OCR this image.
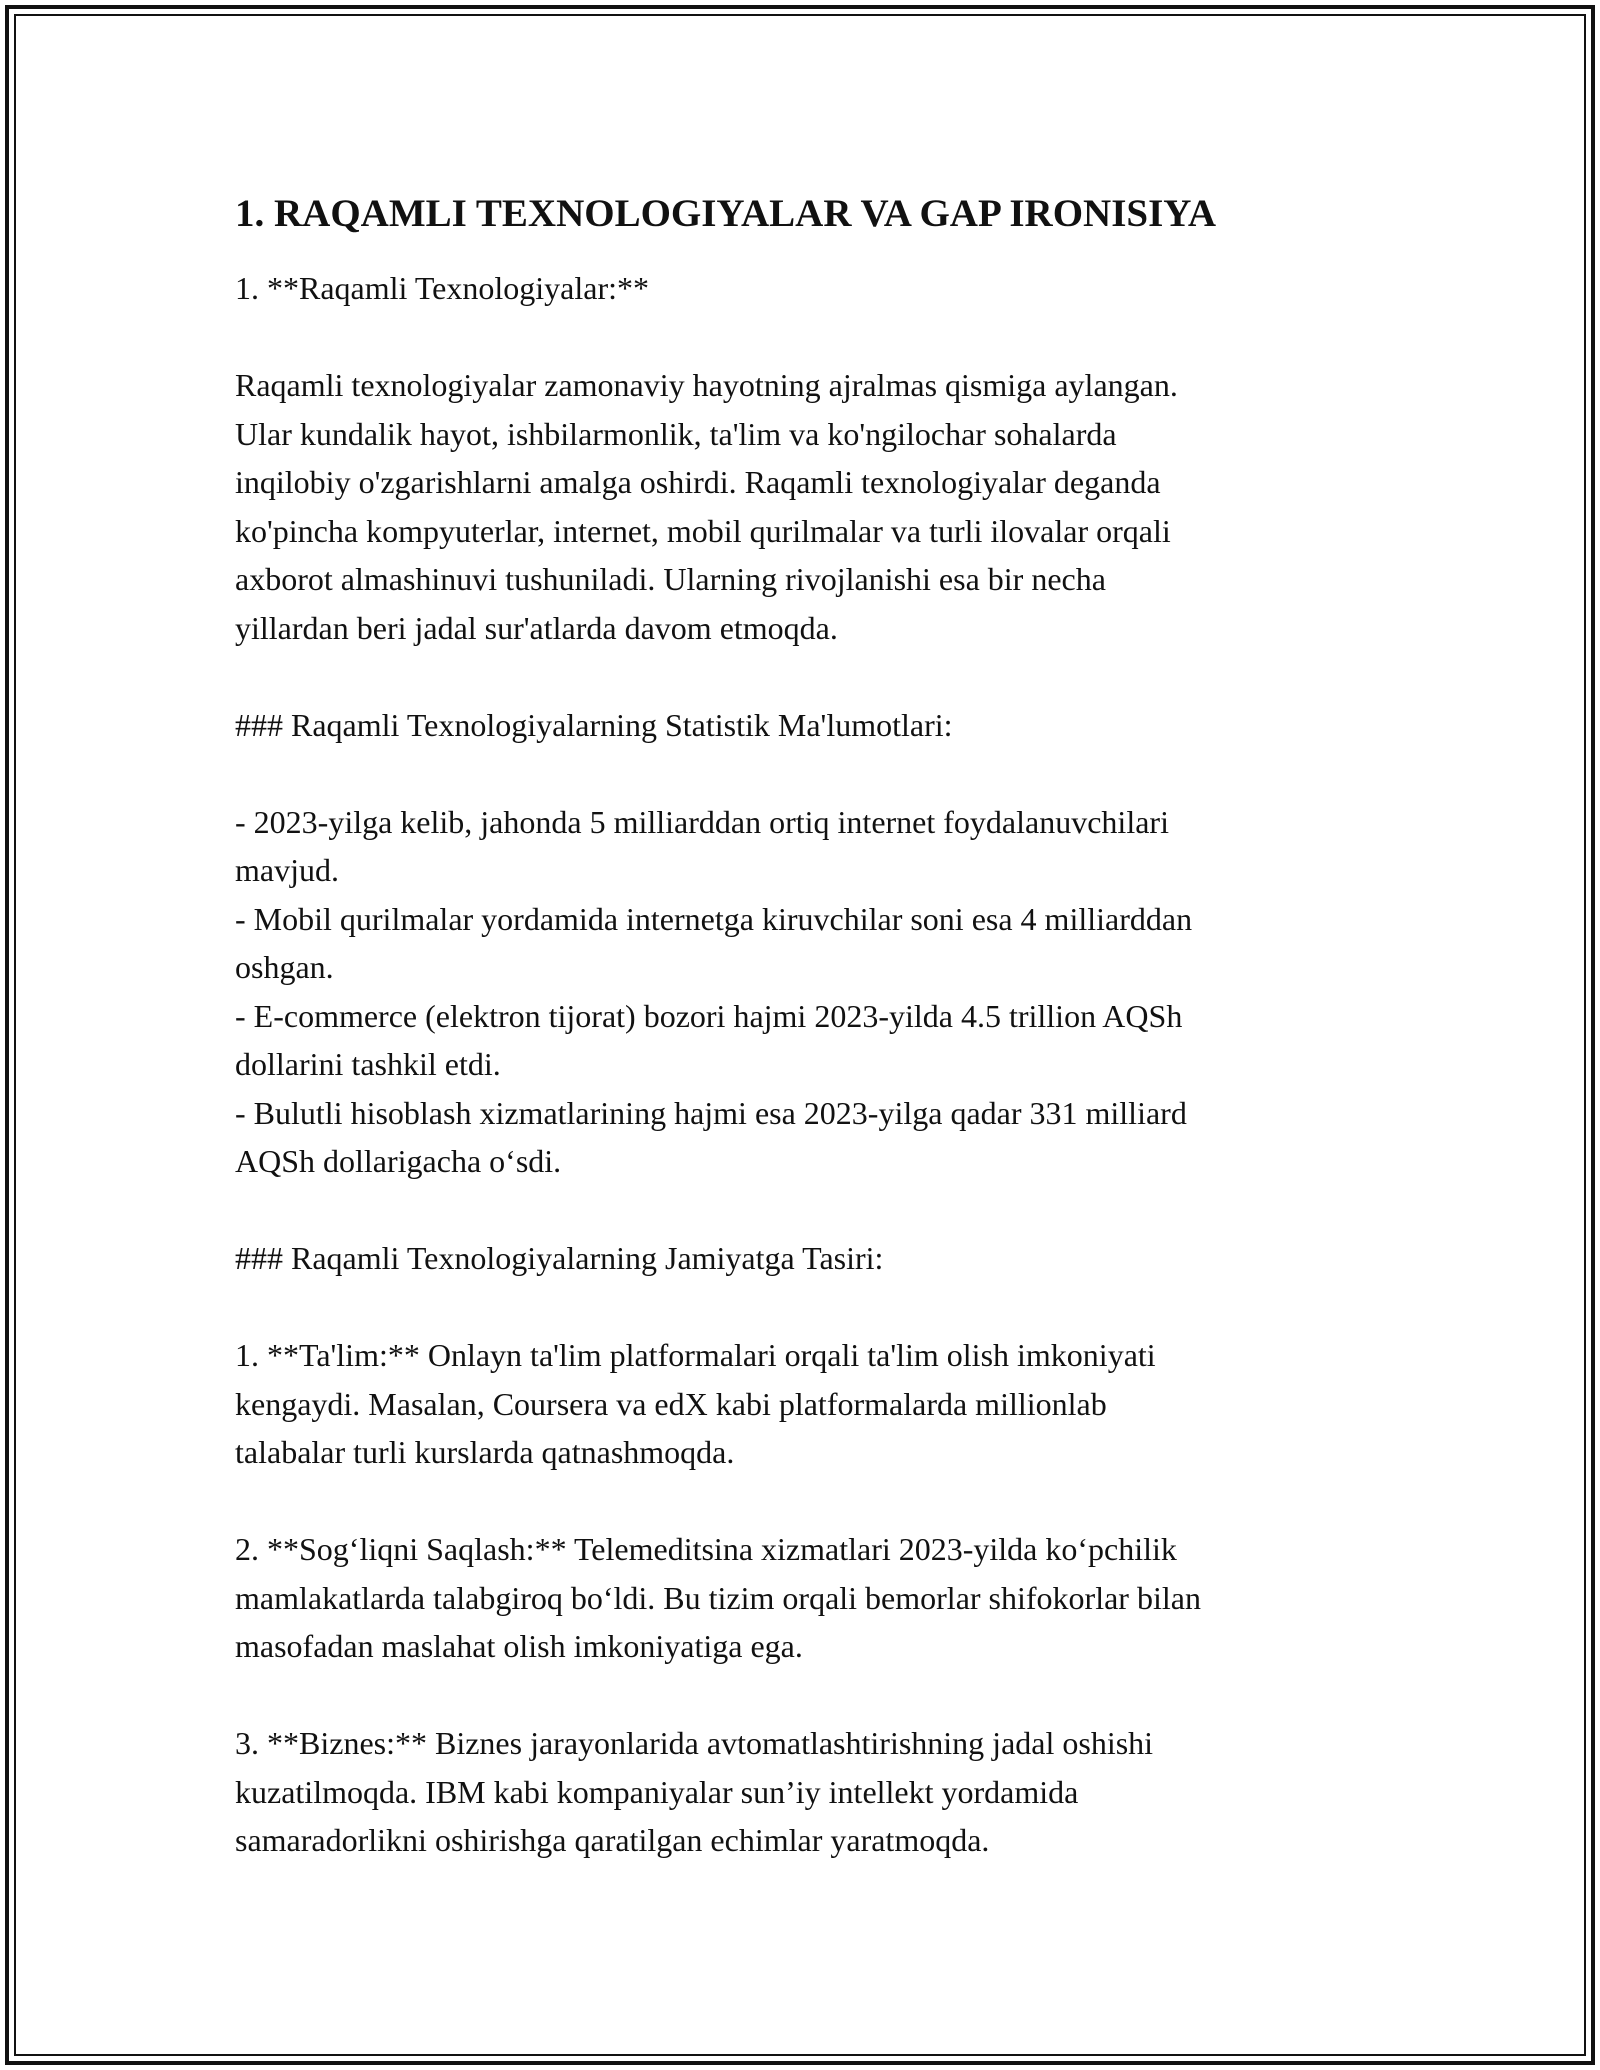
1. RAQAMLI TEXNOLOGIYALAR VA GAP IRONISIYA

1. **Raqamli Texnologiyalar:**

Raqamli texnologiyalar zamonaviy hayotning ajralmas qismiga aylangan.
Ular kundalik hayot, ishbilarmonlik, ta'lim va ko'ngilochar sohalarda
inqilobiy o'zgarishlarni amalga oshirdi. Raqamli texnologiyalar deganda
ko'pincha kompyuterlar, internet, mobil qurilmalar va turli ilovalar orqali
axborot almashinuvi tushuniladi. Ularning rivojlanishi esa bir necha
yillardan beri jadal sur'atlarda davom etmoqda.

### Raqamli Texnologiyalarning Statistik Ma'lumotlari:

- 2023-yilga kelib, jahonda 5 milliarddan ortiq internet foydalanuvchilari
mavjud.

- Mobil qurilmalar yordamida internetga kiruvchilar soni esa 4 milliarddan
oshgan.

- E-commerce (elektron tijorat) bozori hajmi 2023-yilda 4.5 trillion AQSh
dollarini tashkil etdi.

- Bulutli hisoblash xizmatlarining hajmi esa 2023-yilga qadar 331 milliard
AQSh dollarigacha o‘sdi.

### Raqamli Texnologiyalarning Jamiyatga Tasiri:

1. **Ta'lim:** Onlayn ta'lim platformalari orqali ta'lim olish imkoniyati
kengaydi. Masalan, Coursera va edX kabi platformalarda millionlab
talabalar turli kurslarda qatnashmoqda.

2. **Sog‘liqni Saqlash:** Telemeditsina xizmatlari 2023-yilda ko‘pchilik
mamlakatlarda talabgiroq bo‘ldi. Bu tizim orqali bemorlar shifokorlar bilan
masofadan maslahat olish imkoniyatiga ega.

3. **Biznes:** Biznes jarayonlarida avtomatlashtirishning jadal oshishi
kuzatilmoqda. IBM kabi kompaniyalar sun’iy intellekt yordamida
samaradorlikni oshirishga qaratilgan echimlar yaratmoqda.
